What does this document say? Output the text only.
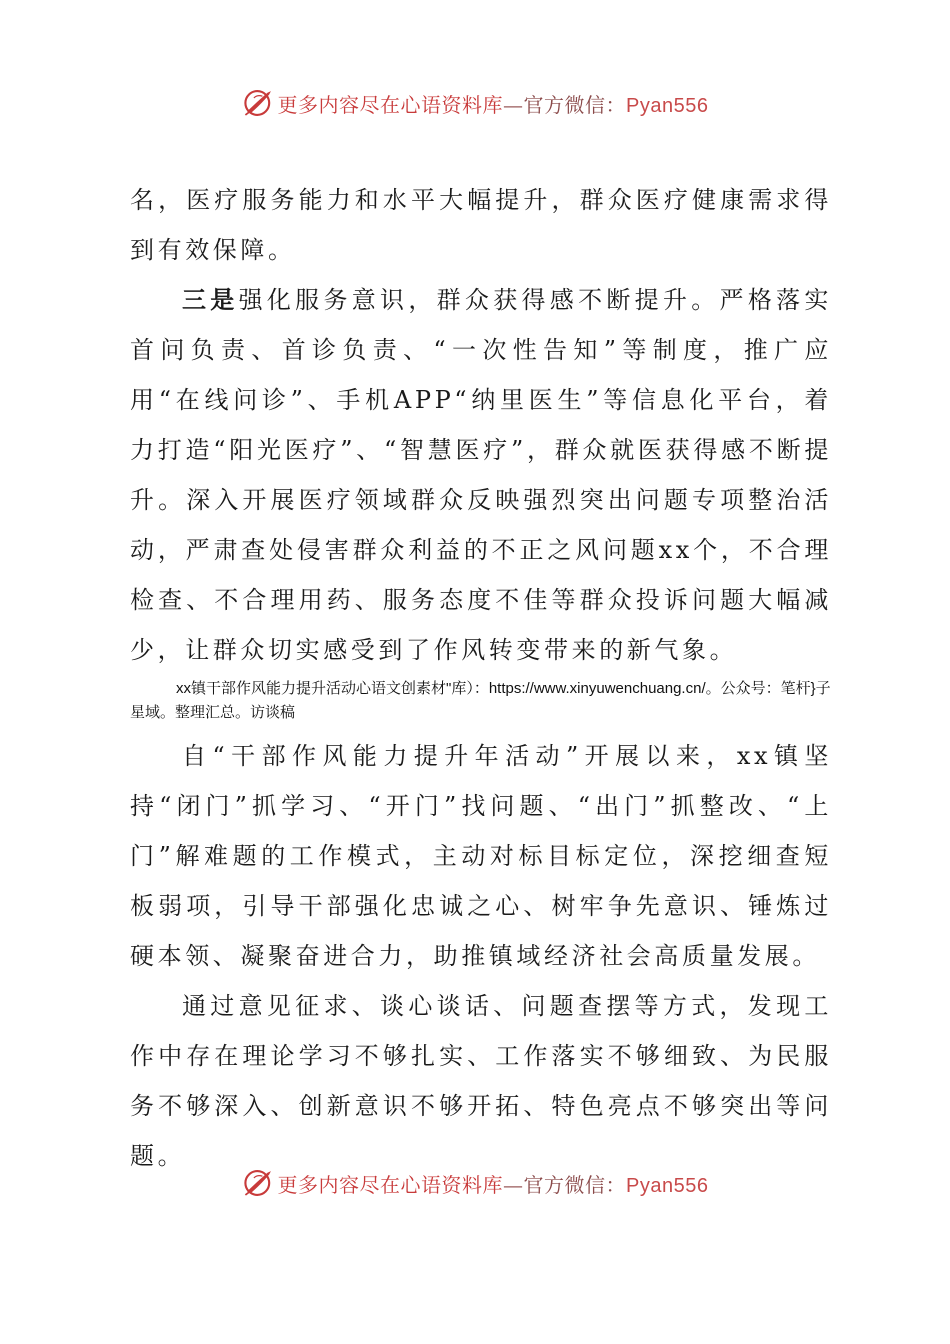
更多内容尽在心语资料库—官方微信：Pyan556

名，医疗服务能力和水平大幅提升，群众医疗健康需求得到有效保障。

三是强化服务意识，群众获得感不断提升。严格落实首问负责、首诊负责、“一次性告知”等制度，推广应用“在线问诊”、手机APP“纳里医生”等信息化平台，着力打造“阳光医疗”、“智慧医疗”，群众就医获得感不断提升。深入开展医疗领域群众反映强烈突出问题专项整治活动，严肃查处侵害群众利益的不正之风问题xx个，不合理检查、不合理用药、服务态度不佳等群众投诉问题大幅减少，让群众切实感受到了作风转变带来的新气象。

xx镇干部作风能力提升活动心语文创素材"库）：https://www.xinyuwenchuang.cn/。公众号：笔杆}子星域。整理汇总。访谈稿

自“干部作风能力提升年活动”开展以来，xx镇坚持“闭门”抓学习、“开门”找问题、“出门”抓整改、“上门”解难题的工作模式，主动对标目标定位，深挖细查短板弱项，引导干部强化忠诚之心、树牢争先意识、锤炼过硬本领、凝聚奋进合力，助推镇域经济社会高质量发展。

通过意见征求、谈心谈话、问题查摆等方式，发现工作中存在理论学习不够扎实、工作落实不够细致、为民服务不够深入、创新意识不够开拓、特色亮点不够突出等问题。

更多内容尽在心语资料库—官方微信：Pyan556
